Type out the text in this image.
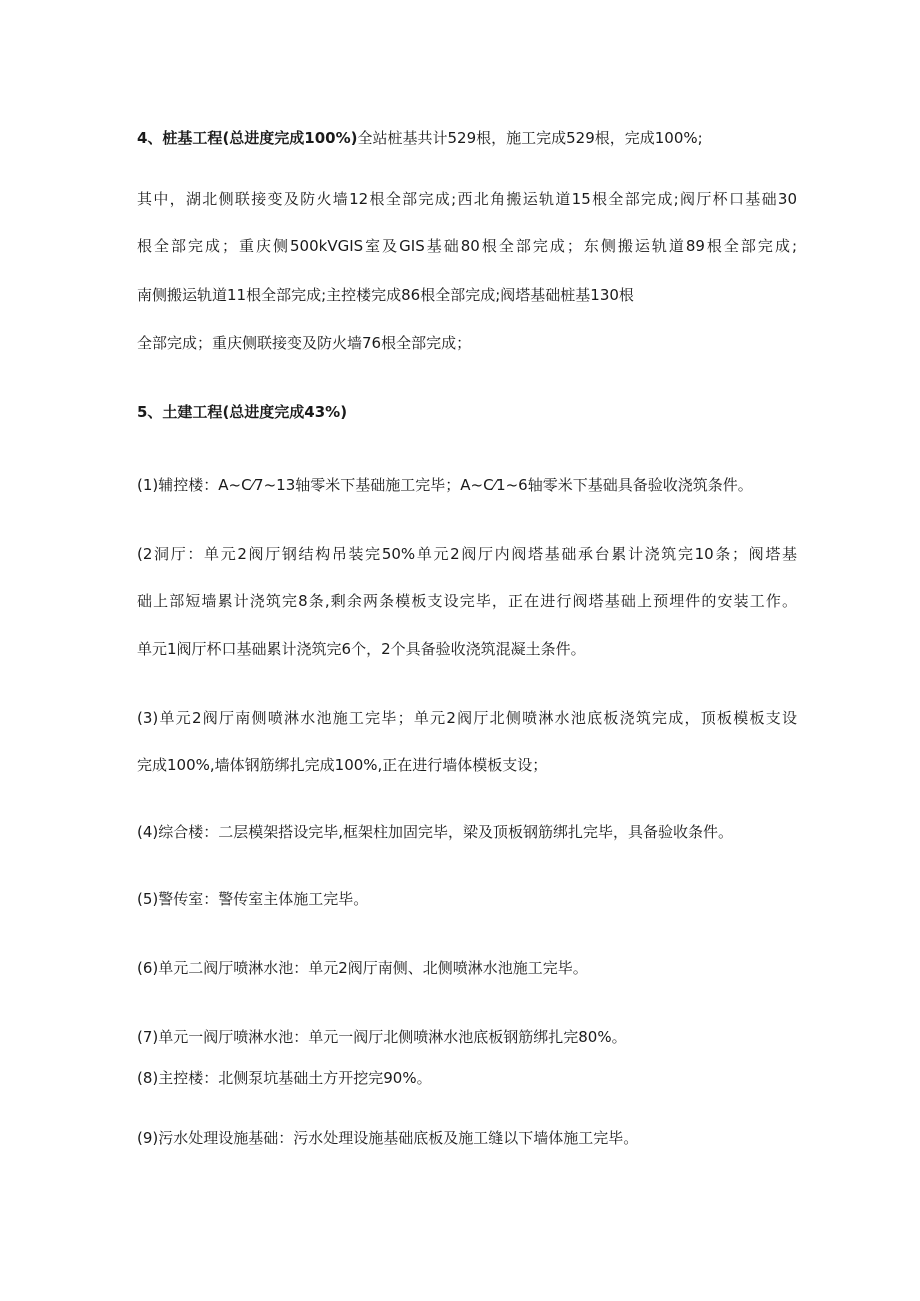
4、桩基工程(总进度完成100%)全站桩基共计529根，施工完成529根，完成100%;
其中，湖北侧联接变及防火墙12根全部完成;西北角搬运轨道15根全部完成;阀厅杯口基础30
根全部完成；重庆侧500kVGIS室及GIS基础80根全部完成；东侧搬运轨道89根全部完成;
南侧搬运轨道11根全部完成;主控楼完成86根全部完成;阀塔基础桩基130根
全部完成；重庆侧联接变及防火墙76根全部完成；
5、土建工程(总进度完成43%)
(1)辅控楼：A~C⁄7~13轴零米下基础施工完毕；A~C⁄1~6轴零米下基础具备验收浇筑条件。
(2洞厅：单元2阀厅钢结构吊装完50%单元2阀厅内阀塔基础承台累计浇筑完10条；阀塔基
础上部短墙累计浇筑完8条,剩余两条模板支设完毕，正在进行阀塔基础上预埋件的安装工作。
单元1阀厅杯口基础累计浇筑完6个，2个具备验收浇筑混凝土条件。
(3)单元2阀厅南侧喷淋水池施工完毕；单元2阀厅北侧喷淋水池底板浇筑完成，顶板模板支设
完成100%,墙体钢筋绑扎完成100%,正在进行墙体模板支设；
(4)综合楼：二层模架搭设完毕,框架柱加固完毕，梁及顶板钢筋绑扎完毕，具备验收条件。
(5)警传室：警传室主体施工完毕。
(6)单元二阀厅喷淋水池：单元2阀厅南侧、北侧喷淋水池施工完毕。
(7)单元一阀厅喷淋水池：单元一阀厅北侧喷淋水池底板钢筋绑扎完80%。
(8)主控楼：北侧泵坑基础土方开挖完90%。
(9)污水处理设施基础：污水处理设施基础底板及施工缝以下墙体施工完毕。
